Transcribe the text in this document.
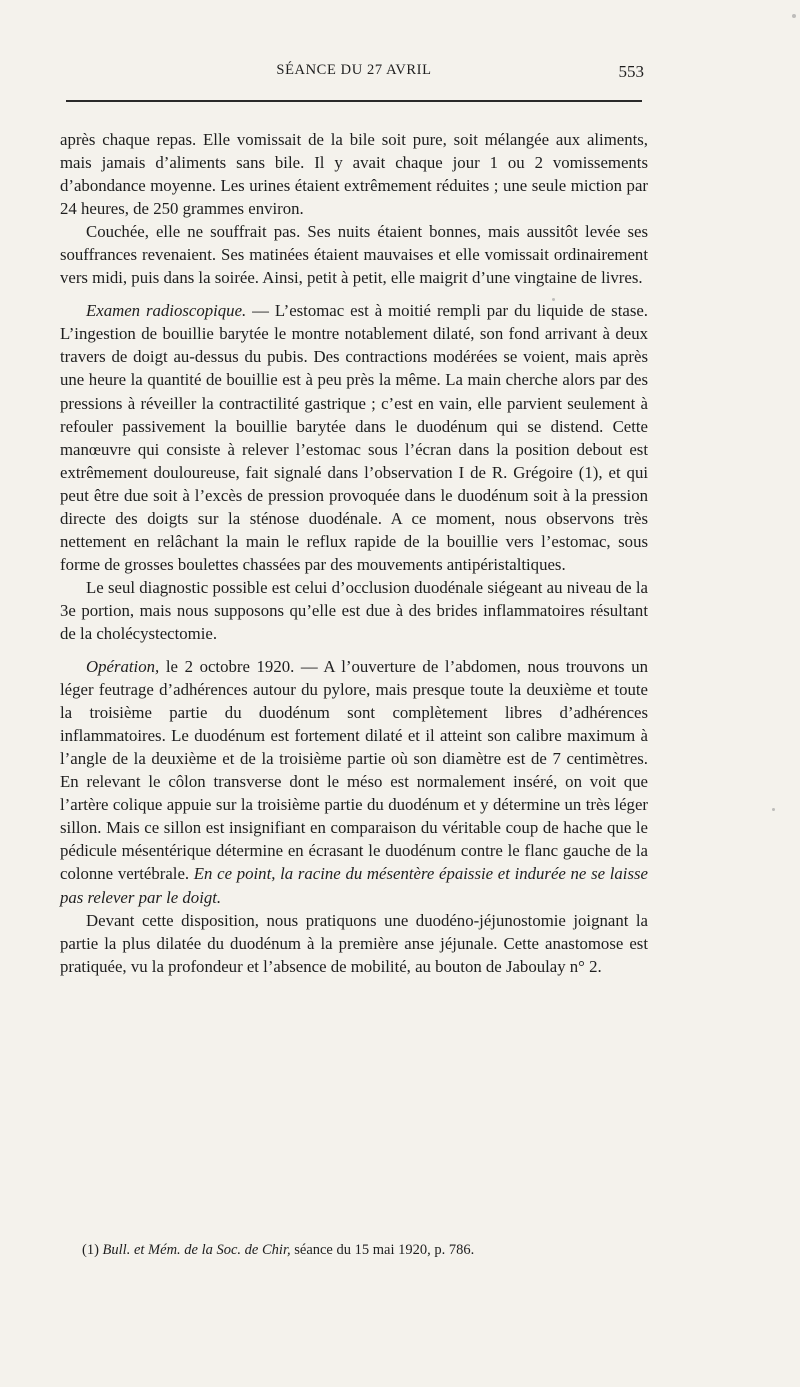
SÉANCE DU 27 AVRIL	553

après chaque repas. Elle vomissait de la bile soit pure, soit mélangée aux aliments, mais jamais d’aliments sans bile. Il y avait chaque jour 1 ou 2 vomissements d’abondance moyenne. Les urines étaient extrêmement réduites ; une seule miction par 24 heures, de 250 grammes environ.

Couchée, elle ne souffrait pas. Ses nuits étaient bonnes, mais aussitôt levée ses souffrances revenaient. Ses matinées étaient mauvaises et elle vomissait ordinairement vers midi, puis dans la soirée. Ainsi, petit à petit, elle maigrit d’une vingtaine de livres.

Examen radioscopique. — L’estomac est à moitié rempli par du liquide de stase. L’ingestion de bouillie barytée le montre notablement dilaté, son fond arrivant à deux travers de doigt au-dessus du pubis. Des contractions modérées se voient, mais après une heure la quantité de bouillie est à peu près la même. La main cherche alors par des pressions à réveiller la contractilité gastrique ; c’est en vain, elle parvient seulement à refouler passivement la bouillie barytée dans le duodénum qui se distend. Cette manœuvre qui consiste à relever l’estomac sous l’écran dans la position debout est extrêmement douloureuse, fait signalé dans l’observation I de R. Grégoire (1), et qui peut être due soit à l’excès de pression provoquée dans le duodénum soit à la pression directe des doigts sur la sténose duodénale. A ce moment, nous observons très nettement en relâchant la main le reflux rapide de la bouillie vers l’estomac, sous forme de grosses boulettes chassées par des mouvements antipéristaltiques.

Le seul diagnostic possible est celui d’occlusion duodénale siégeant au niveau de la 3e portion, mais nous supposons qu’elle est due à des brides inflammatoires résultant de la cholécystectomie.

Opération, le 2 octobre 1920. — A l’ouverture de l’abdomen, nous trouvons un léger feutrage d’adhérences autour du pylore, mais presque toute la deuxième et toute la troisième partie du duodénum sont complètement libres d’adhérences inflammatoires. Le duodénum est fortement dilaté et il atteint son calibre maximum à l’angle de la deuxième et de la troisième partie où son diamètre est de 7 centimètres. En relevant le côlon transverse dont le méso est normalement inséré, on voit que l’artère colique appuie sur la troisième partie du duodénum et y détermine un très léger sillon. Mais ce sillon est insignifiant en comparaison du véritable coup de hache que le pédicule mésentérique détermine en écrasant le duodénum contre le flanc gauche de la colonne vertébrale. En ce point, la racine du mésentère épaissie et indurée ne se laisse pas relever par le doigt.

Devant cette disposition, nous pratiquons une duodéno-jéjunostomie joignant la partie la plus dilatée du duodénum à la première anse jéjunale. Cette anastomose est pratiquée, vu la profondeur et l’absence de mobilité, au bouton de Jaboulay n° 2.

(1) Bull. et Mém. de la Soc. de Chir, séance du 15 mai 1920, p. 786.
